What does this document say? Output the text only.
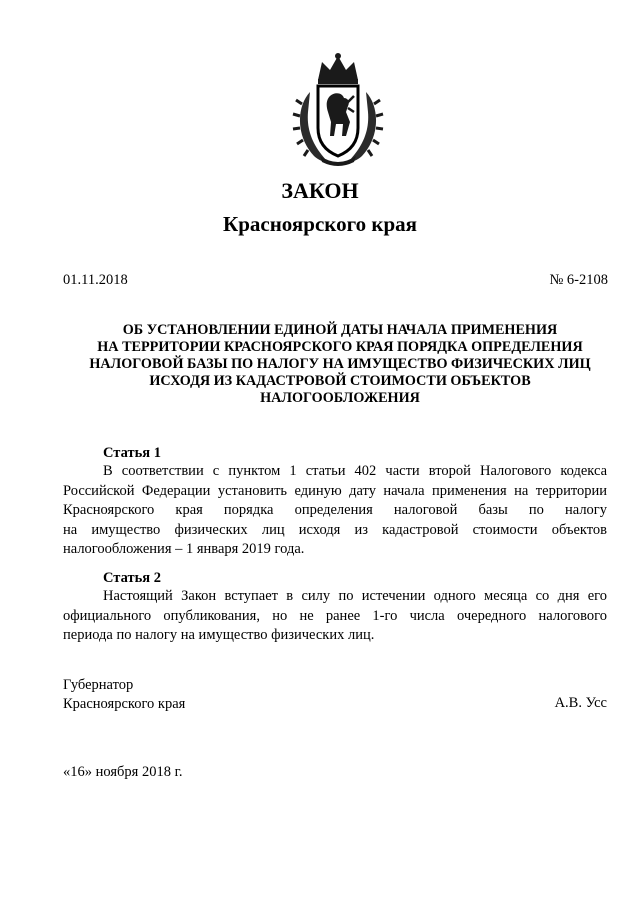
ЗАКОН
Красноярского края
01.11.2018	№ 6-2108
ОБ УСТАНОВЛЕНИИ ЕДИНОЙ ДАТЫ НАЧАЛА ПРИМЕНЕНИЯ
НА ТЕРРИТОРИИ КРАСНОЯРСКОГО КРАЯ ПОРЯДКА ОПРЕДЕЛЕНИЯ
НАЛОГОВОЙ БАЗЫ ПО НАЛОГУ НА ИМУЩЕСТВО ФИЗИЧЕСКИХ ЛИЦ
ИСХОДЯ ИЗ КАДАСТРОВОЙ СТОИМОСТИ ОБЪЕКТОВ
НАЛОГООБЛОЖЕНИЯ
Статья 1
В соответствии с пунктом 1 статьи 402 части второй Налогового кодекса
Российской Федерации установить единую дату начала применения на территории
Красноярского края порядка определения налоговой базы по налогу
на имущество физических лиц исходя из кадастровой стоимости объектов
налогообложения – 1 января 2019 года.
Статья 2
Настоящий Закон вступает в силу по истечении одного месяца со дня его
официального опубликования, но не ранее 1-го числа очередного налогового
периода по налогу на имущество физических лиц.
Губернатор
Красноярского края	А.В. Усс
«16» ноября 2018 г.
